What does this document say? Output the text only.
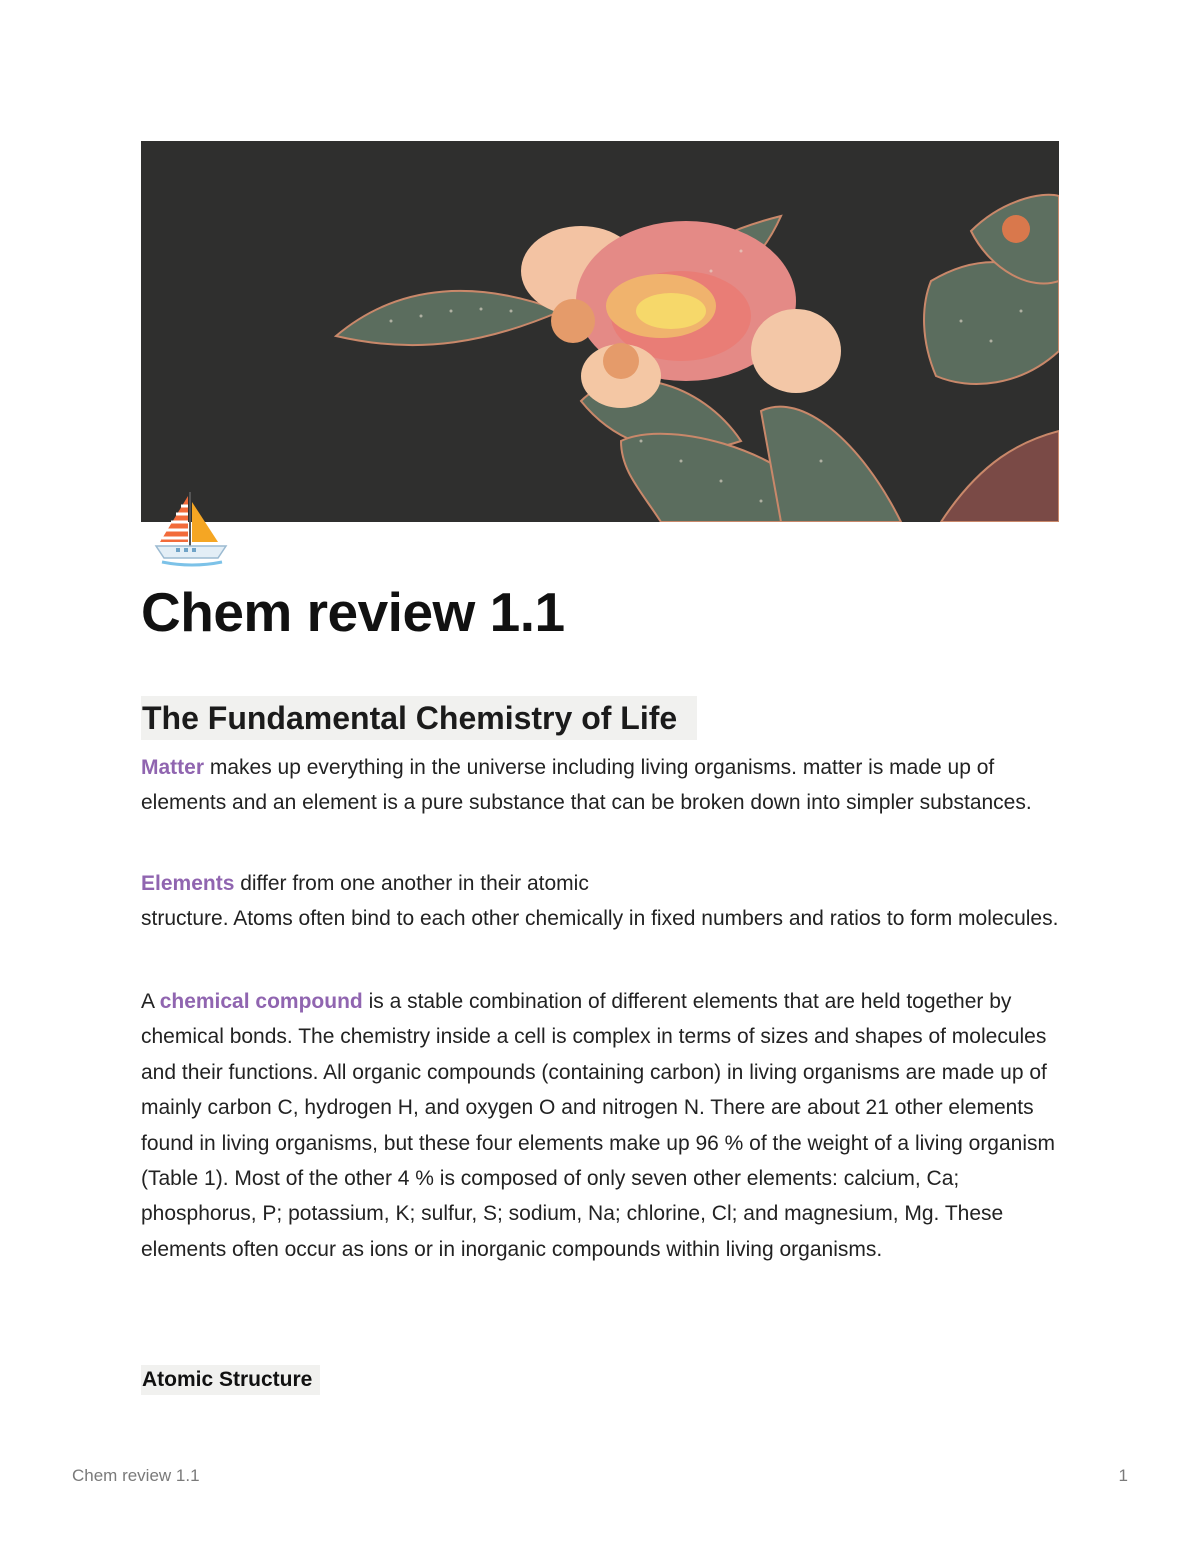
Chem review 1.1
The Fundamental Chemistry of Life

Matter makes up everything in the universe including living organisms. matter is made up of elements and an element is a pure substance that can be broken down into simpler substances.

Elements differ from one another in their atomic
structure. Atoms often bind to each other chemically in fixed numbers and ratios to form molecules.

A chemical compound is a stable combination of different elements that are held together by chemical bonds. The chemistry inside a cell is complex in terms of sizes and shapes of molecules and their functions. All organic compounds (containing carbon) in living organisms are made up of mainly carbon C, hydrogen H, and oxygen O and nitrogen N. There are about 21 other elements found in living organisms, but these four elements make up 96 % of the weight of a living organism (Table 1). Most of the other 4 % is composed of only seven other elements: calcium, Ca; phosphorus, P; potassium, K; sulfur, S; sodium, Na; chlorine, Cl; and magnesium, Mg. These elements often occur as ions or in inorganic compounds within living organisms.

Atomic Structure
Chem review 1.1	1
